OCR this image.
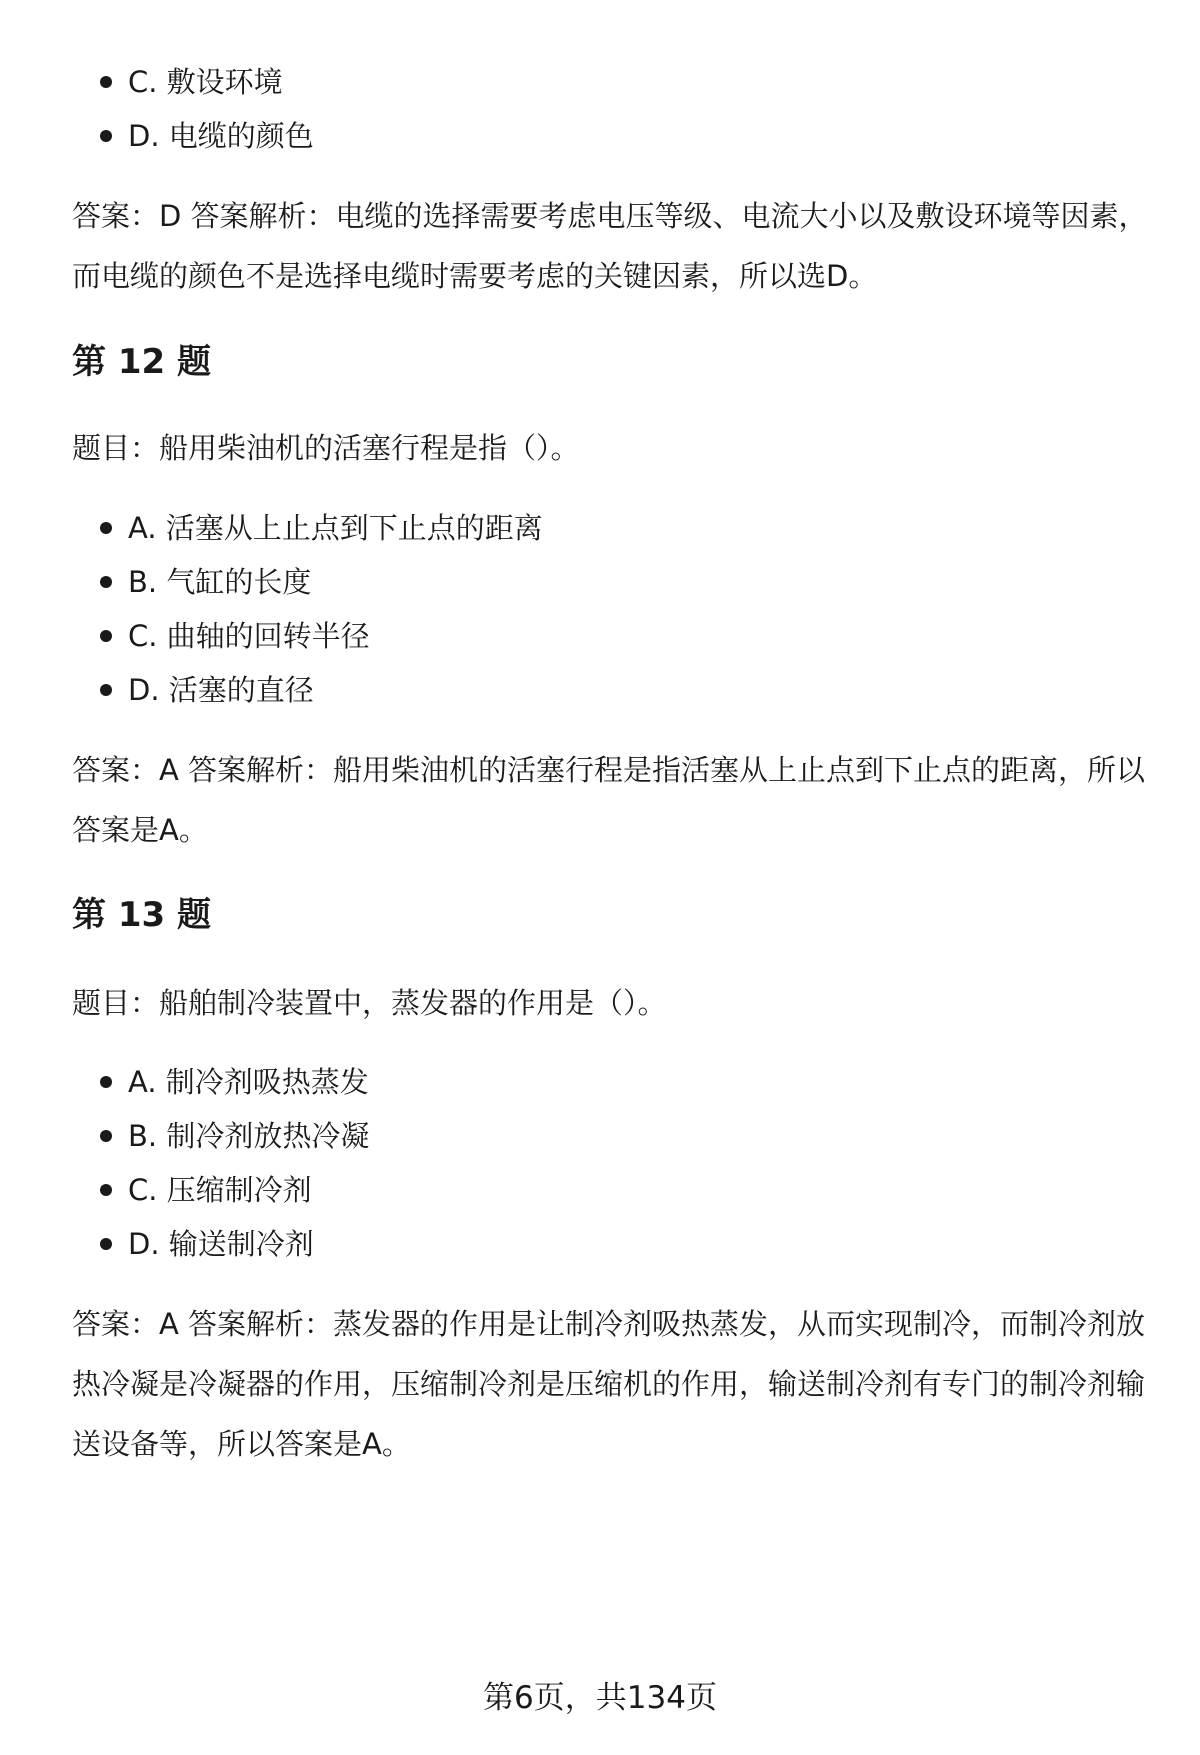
C. 敷设环境
D. 电缆的颜色

答案：D 答案解析：电缆的选择需要考虑电压等级、电流大小以及敷设环境等因素，而电缆的颜色不是选择电缆时需要考虑的关键因素，所以选D。

第 12 题

题目：船用柴油机的活塞行程是指（）。

A. 活塞从上止点到下止点的距离
B. 气缸的长度
C. 曲轴的回转半径
D. 活塞的直径

答案：A 答案解析：船用柴油机的活塞行程是指活塞从上止点到下止点的距离，所以答案是A。

第 13 题

题目：船舶制冷装置中，蒸发器的作用是（）。

A. 制冷剂吸热蒸发
B. 制冷剂放热冷凝
C. 压缩制冷剂
D. 输送制冷剂

答案：A 答案解析：蒸发器的作用是让制冷剂吸热蒸发，从而实现制冷，而制冷剂放热冷凝是冷凝器的作用，压缩制冷剂是压缩机的作用，输送制冷剂有专门的制冷剂输送设备等，所以答案是A。

第6页，共134页
